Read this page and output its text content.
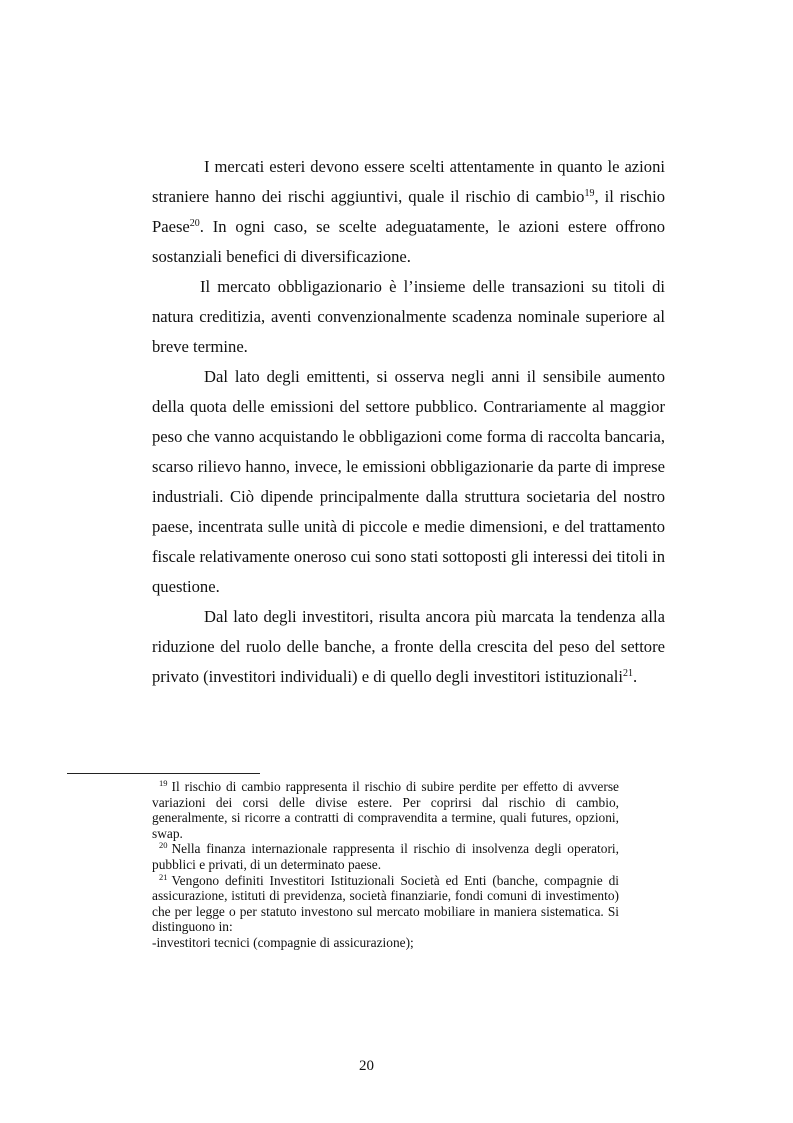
I mercati esteri devono essere scelti attentamente in quanto le azioni straniere hanno dei rischi aggiuntivi, quale il rischio di cambio$^{19}$, il rischio Paese$^{20}$. In ogni caso, se scelte adeguatamente, le azioni estere offrono sostanziali benefici di diversificazione.

Il mercato obbligazionario è l’insieme delle transazioni su titoli di natura creditizia, aventi convenzionalmente scadenza nominale superiore al breve termine.

Dal lato degli emittenti, si osserva negli anni il sensibile aumento della quota delle emissioni del settore pubblico. Contrariamente al maggior peso che vanno acquistando le obbligazioni come forma di raccolta bancaria, scarso rilievo hanno, invece, le emissioni obbligazionarie da parte di imprese industriali. Ciò dipende principalmente dalla struttura societaria del nostro paese, incentrata sulle unità di piccole e medie dimensioni, e del trattamento fiscale relativamente oneroso cui sono stati sottoposti gli interessi dei titoli in questione.

Dal lato degli investitori, risulta ancora più marcata la tendenza alla riduzione del ruolo delle banche, a fronte della crescita del peso del settore privato (investitori individuali) e di quello degli investitori istituzionali$^{21}$.

$^{19}$ Il rischio di cambio rappresenta il rischio di subire perdite per effetto di avverse variazioni dei corsi delle divise estere. Per coprirsi dal rischio di cambio, generalmente, si ricorre a contratti di compravendita a termine, quali futures, opzioni, swap.

$^{20}$ Nella finanza internazionale rappresenta il rischio di insolvenza degli operatori, pubblici e privati, di un determinato paese.

$^{21}$ Vengono definiti Investitori Istituzionali Società ed Enti (banche, compagnie di assicurazione, istituti di previdenza, società finanziarie, fondi comuni di investimento) che per legge o per statuto investono sul mercato mobiliare in maniera sistematica. Si distinguono in:

-investitori tecnici (compagnie di assicurazione);

20
